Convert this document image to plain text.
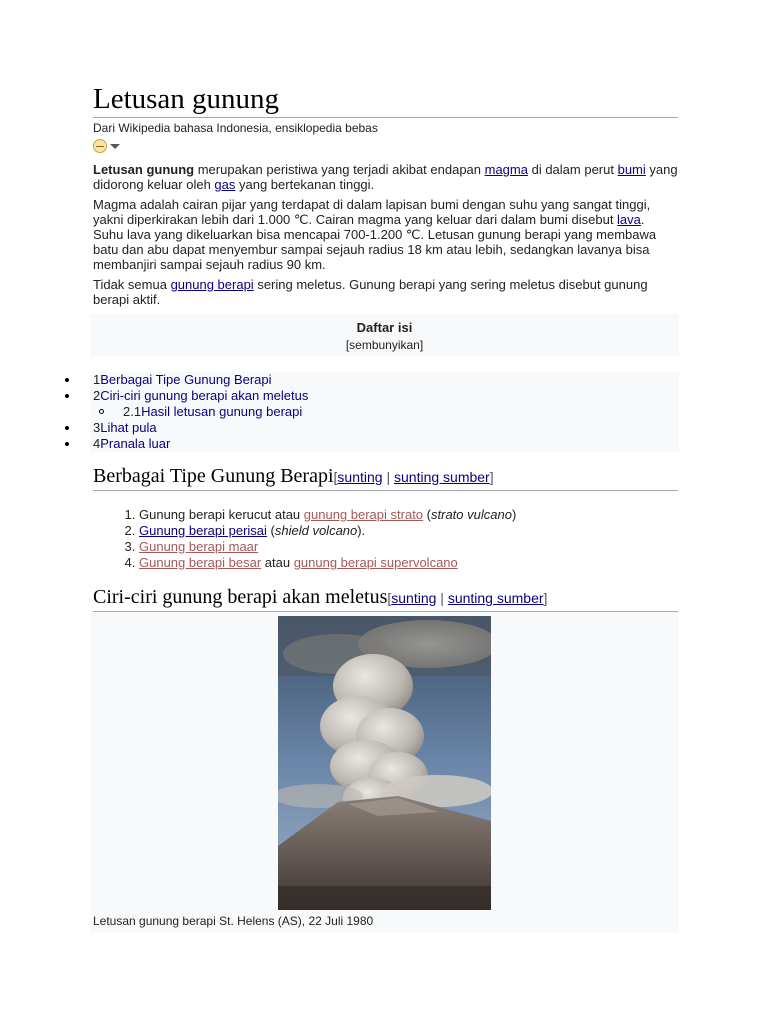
Letusan gunung
Dari Wikipedia bahasa Indonesia, ensiklopedia bebas

Letusan gunung merupakan peristiwa yang terjadi akibat endapan magma di dalam perut bumi yang didorong keluar oleh gas yang bertekanan tinggi.

Magma adalah cairan pijar yang terdapat di dalam lapisan bumi dengan suhu yang sangat tinggi, yakni diperkirakan lebih dari 1.000 ℃. Cairan magma yang keluar dari dalam bumi disebut lava. Suhu lava yang dikeluarkan bisa mencapai 700-1.200 ℃. Letusan gunung berapi yang membawa batu dan abu dapat menyembur sampai sejauh radius 18 km atau lebih, sedangkan lavanya bisa membanjiri sampai sejauh radius 90 km.

Tidak semua gunung berapi sering meletus. Gunung berapi yang sering meletus disebut gunung berapi aktif.

Daftar isi
[sembunyikan]
1Berbagai Tipe Gunung Berapi
2Ciri-ciri gunung berapi akan meletus
2.1Hasil letusan gunung berapi
3Lihat pula
4Pranala luar
Berbagai Tipe Gunung Berapi[sunting | sunting sumber]
1. Gunung berapi kerucut atau gunung berapi strato (strato vulcano)
2. Gunung berapi perisai (shield volcano).
3. Gunung berapi maar
4. Gunung berapi besar atau gunung berapi supervolcano
Ciri-ciri gunung berapi akan meletus[sunting | sunting sumber]
Letusan gunung berapi St. Helens (AS), 22 Juli 1980
